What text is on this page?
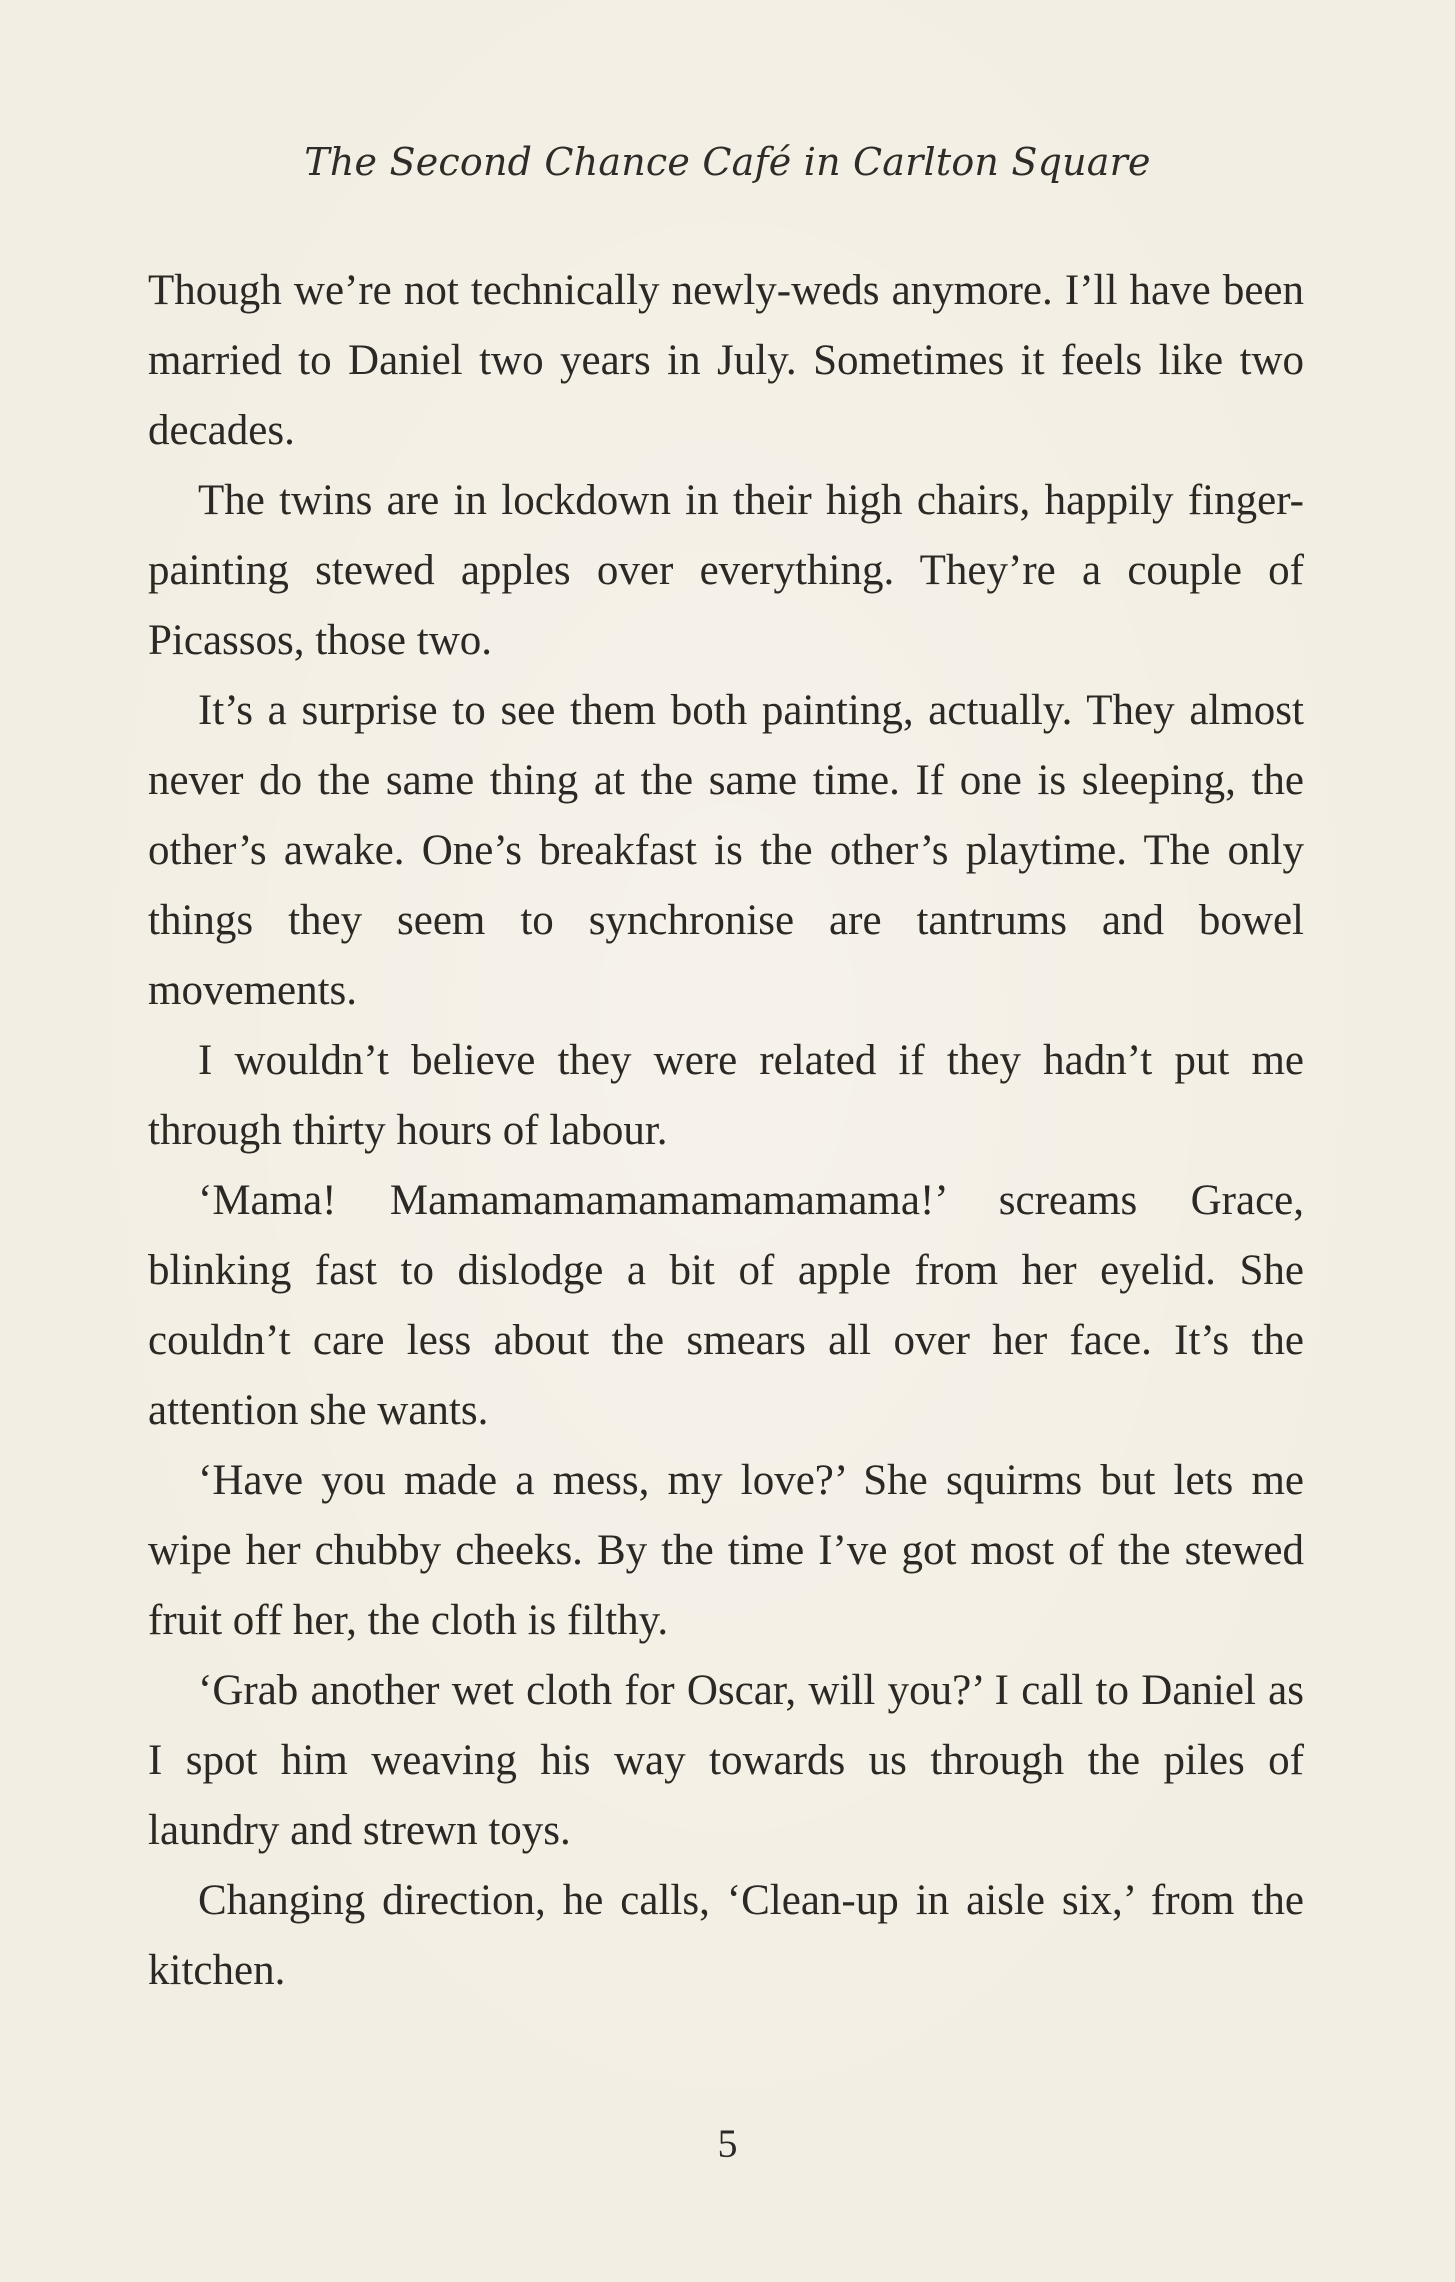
The Second Chance Café in Carlton Square

Though we’re not technically newly-weds anymore. I’ll have been married to Daniel two years in July. Sometimes it feels like two decades.

The twins are in lockdown in their high chairs, happily finger-painting stewed apples over everything. They’re a couple of Picassos, those two.

It’s a surprise to see them both painting, actually. They almost never do the same thing at the same time. If one is sleeping, the other’s awake. One’s breakfast is the other’s playtime. The only things they seem to synchronise are tantrums and bowel movements.

I wouldn’t believe they were related if they hadn’t put me through thirty hours of labour.

‘Mama! Mamamamamamamamamama!’ screams Grace, blinking fast to dislodge a bit of apple from her eyelid. She couldn’t care less about the smears all over her face. It’s the attention she wants.

‘Have you made a mess, my love?’ She squirms but lets me wipe her chubby cheeks. By the time I’ve got most of the stewed fruit off her, the cloth is filthy.

‘Grab another wet cloth for Oscar, will you?’ I call to Daniel as I spot him weaving his way towards us through the piles of laundry and strewn toys.

Changing direction, he calls, ‘Clean-up in aisle six,’ from the kitchen.

5
